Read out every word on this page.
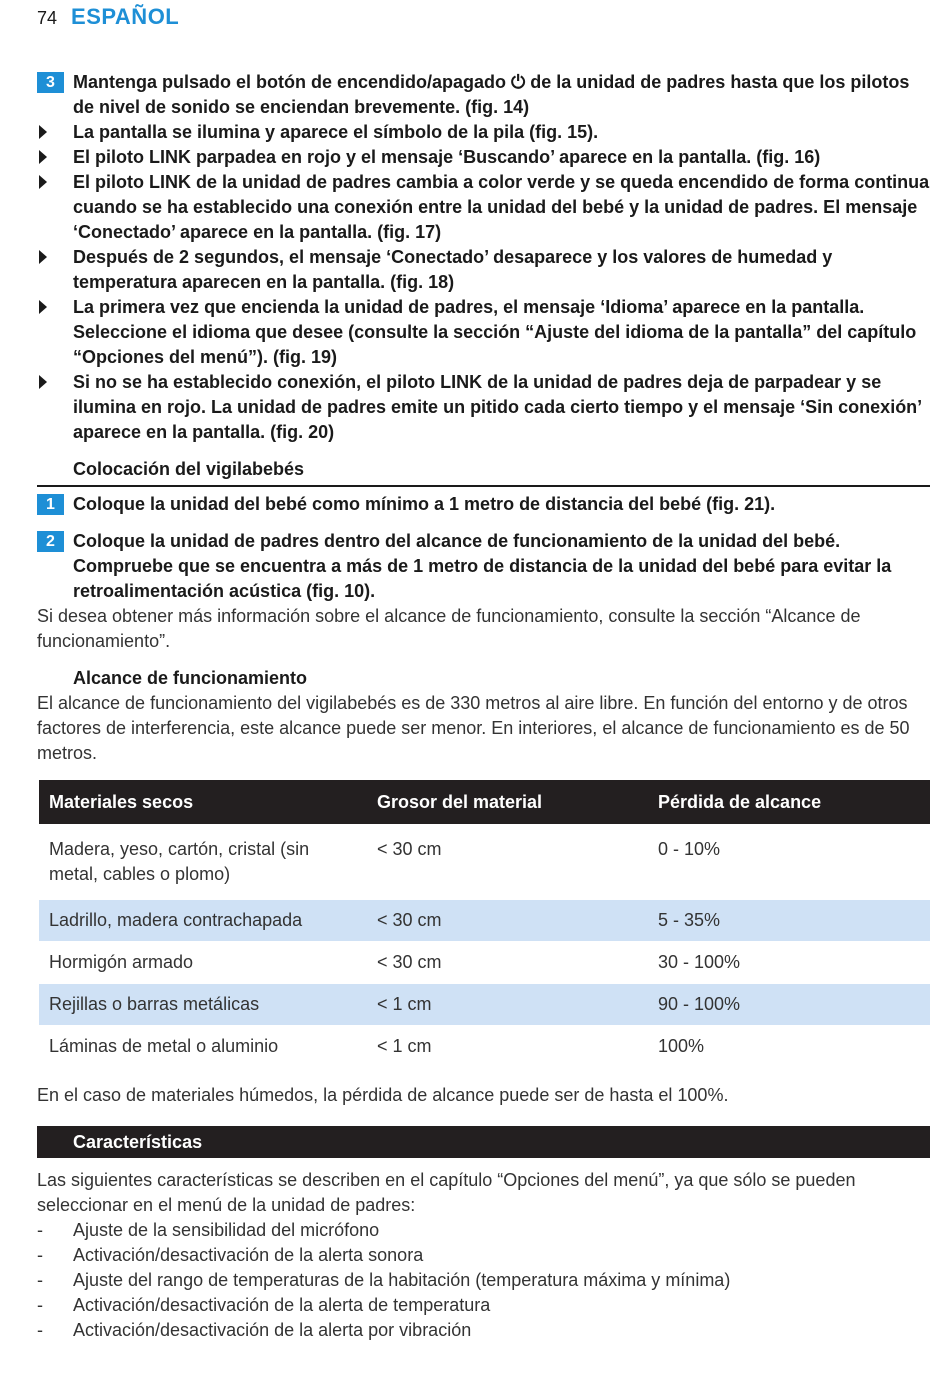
74 ESPAÑOL
3	Mantenga pulsado el botón de encendido/apagado ⏻ de la unidad de padres hasta que los pilotos de nivel de sonido se enciendan brevemente. (fig. 14)
La pantalla se ilumina y aparece el símbolo de la pila (fig. 15).
El piloto LINK parpadea en rojo y el mensaje ‘Buscando’ aparece en la pantalla. (fig. 16)
El piloto LINK de la unidad de padres cambia a color verde y se queda encendido de forma continua cuando se ha establecido una conexión entre la unidad del bebé y la unidad de padres. El mensaje ‘Conectado’ aparece en la pantalla. (fig. 17)
Después de 2 segundos, el mensaje ‘Conectado’ desaparece y los valores de humedad y temperatura aparecen en la pantalla. (fig. 18)
La primera vez que encienda la unidad de padres, el mensaje ‘Idioma’ aparece en la pantalla. Seleccione el idioma que desee (consulte la sección “Ajuste del idioma de la pantalla” del capítulo “Opciones del menú”). (fig. 19)
Si no se ha establecido conexión, el piloto LINK de la unidad de padres deja de parpadear y se ilumina en rojo. La unidad de padres emite un pitido cada cierto tiempo y el mensaje ‘Sin conexión’ aparece en la pantalla. (fig. 20)
Colocación del vigilabebés
1	Coloque la unidad del bebé como mínimo a 1 metro de distancia del bebé (fig. 21).
2	Coloque la unidad de padres dentro del alcance de funcionamiento de la unidad del bebé. Compruebe que se encuentra a más de 1 metro de distancia de la unidad del bebé para evitar la retroalimentación acústica (fig. 10).

Si desea obtener más información sobre el alcance de funcionamiento, consulte la sección “Alcance de funcionamiento”.

Alcance de funcionamiento

El alcance de funcionamiento del vigilabebés es de 330 metros al aire libre. En función del entorno y de otros factores de interferencia, este alcance puede ser menor. En interiores, el alcance de funcionamiento es de 50 metros.

Materiales secos	Grosor del material	Pérdida de alcance
Madera, yeso, cartón, cristal (sin metal, cables o plomo)	< 30 cm	0 - 10%
Ladrillo, madera contrachapada	< 30 cm	5 - 35%
Hormigón armado	< 30 cm	30 - 100%
Rejillas o barras metálicas	< 1 cm	90 - 100%
Láminas de metal o aluminio	< 1 cm	100%

En el caso de materiales húmedos, la pérdida de alcance puede ser de hasta el 100%.

Características

Las siguientes características se describen en el capítulo “Opciones del menú”, ya que sólo se pueden seleccionar en el menú de la unidad de padres:

-	Ajuste de la sensibilidad del micrófono
-	Activación/desactivación de la alerta sonora
-	Ajuste del rango de temperaturas de la habitación (temperatura máxima y mínima)
-	Activación/desactivación de la alerta de temperatura
-	Activación/desactivación de la alerta por vibración
